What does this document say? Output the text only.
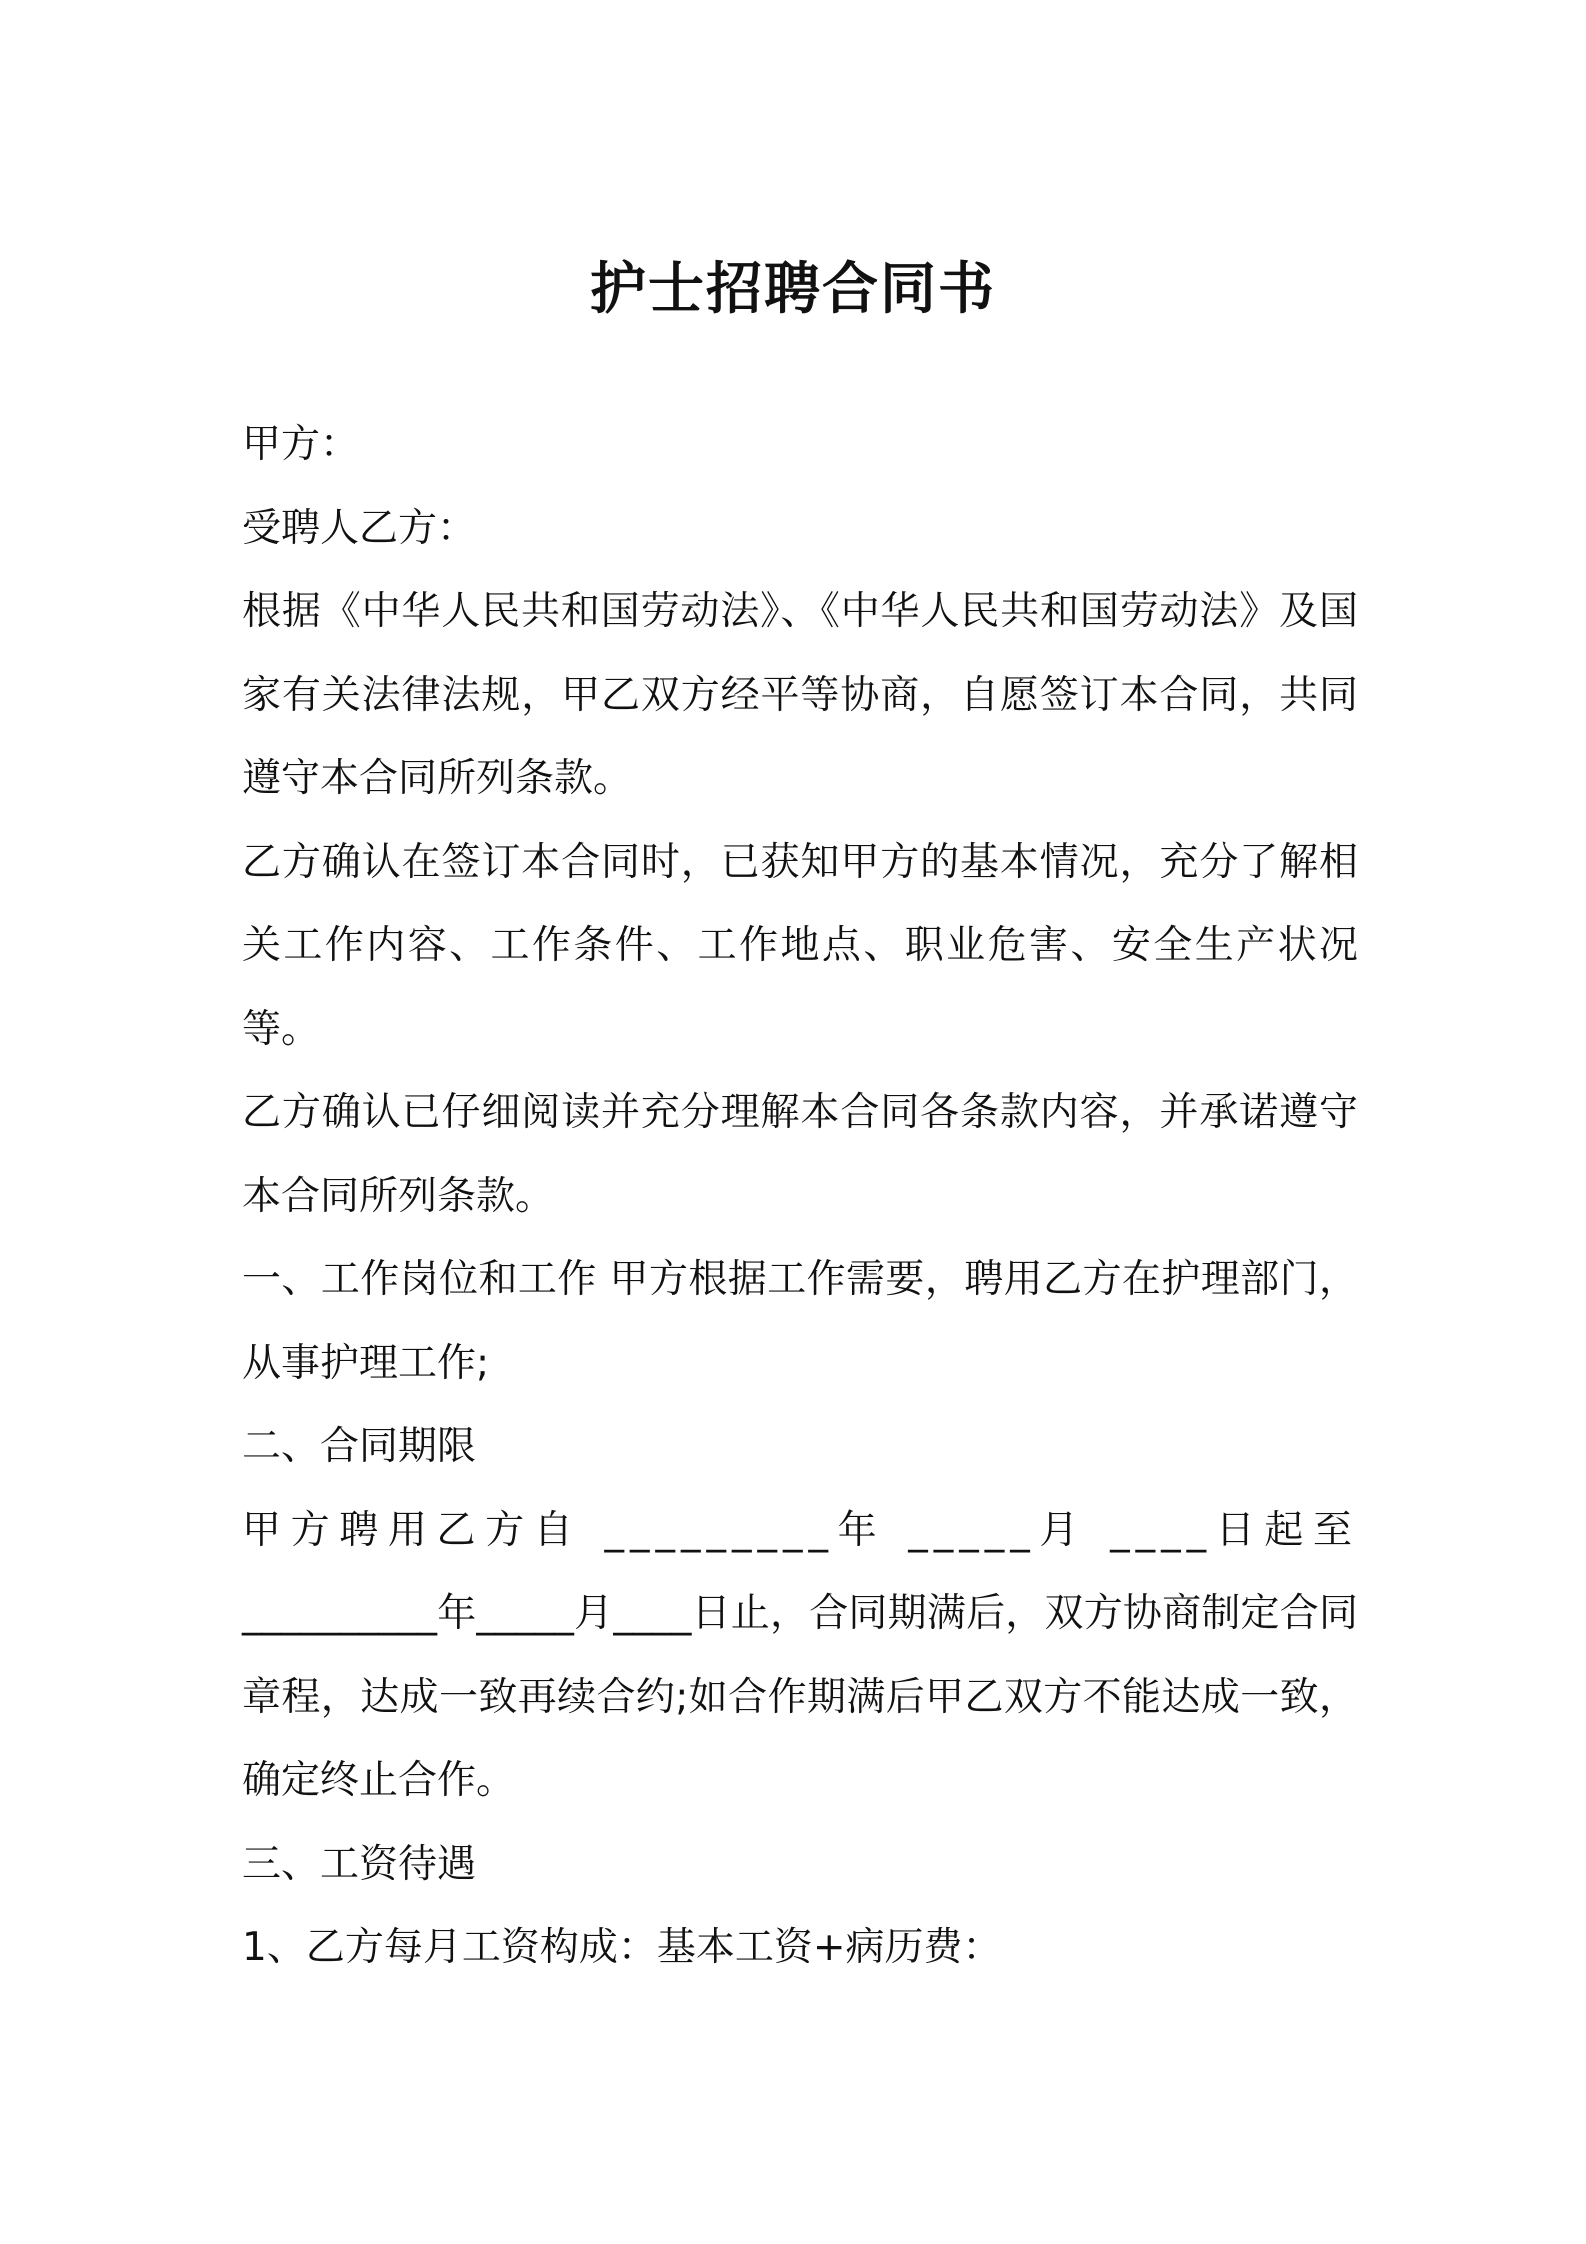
护士招聘合同书

甲方：

受聘人乙方：

根据《中华人民共和国劳动法》、《中华人民共和国劳动法》及国家有关法律法规，甲乙双方经平等协商，自愿签订本合同，共同遵守本合同所列条款。

乙方确认在签订本合同时，已获知甲方的基本情况，充分了解相关工作内容、工作条件、工作地点、职业危害、安全生产状况等。

乙方确认已仔细阅读并充分理解本合同各条款内容，并承诺遵守本合同所列条款。

一、工作岗位和工作 甲方根据工作需要，聘用乙方在护理部门，从事护理工作;

二、合同期限

甲方聘用乙方自 _________年 _____月 ____日起至

__________年_____月____日止，合同期满后，双方协商制定合同章程，达成一致再续合约;如合作期满后甲乙双方不能达成一致，确定终止合作。

三、工资待遇

1、乙方每月工资构成：基本工资+病历费：
